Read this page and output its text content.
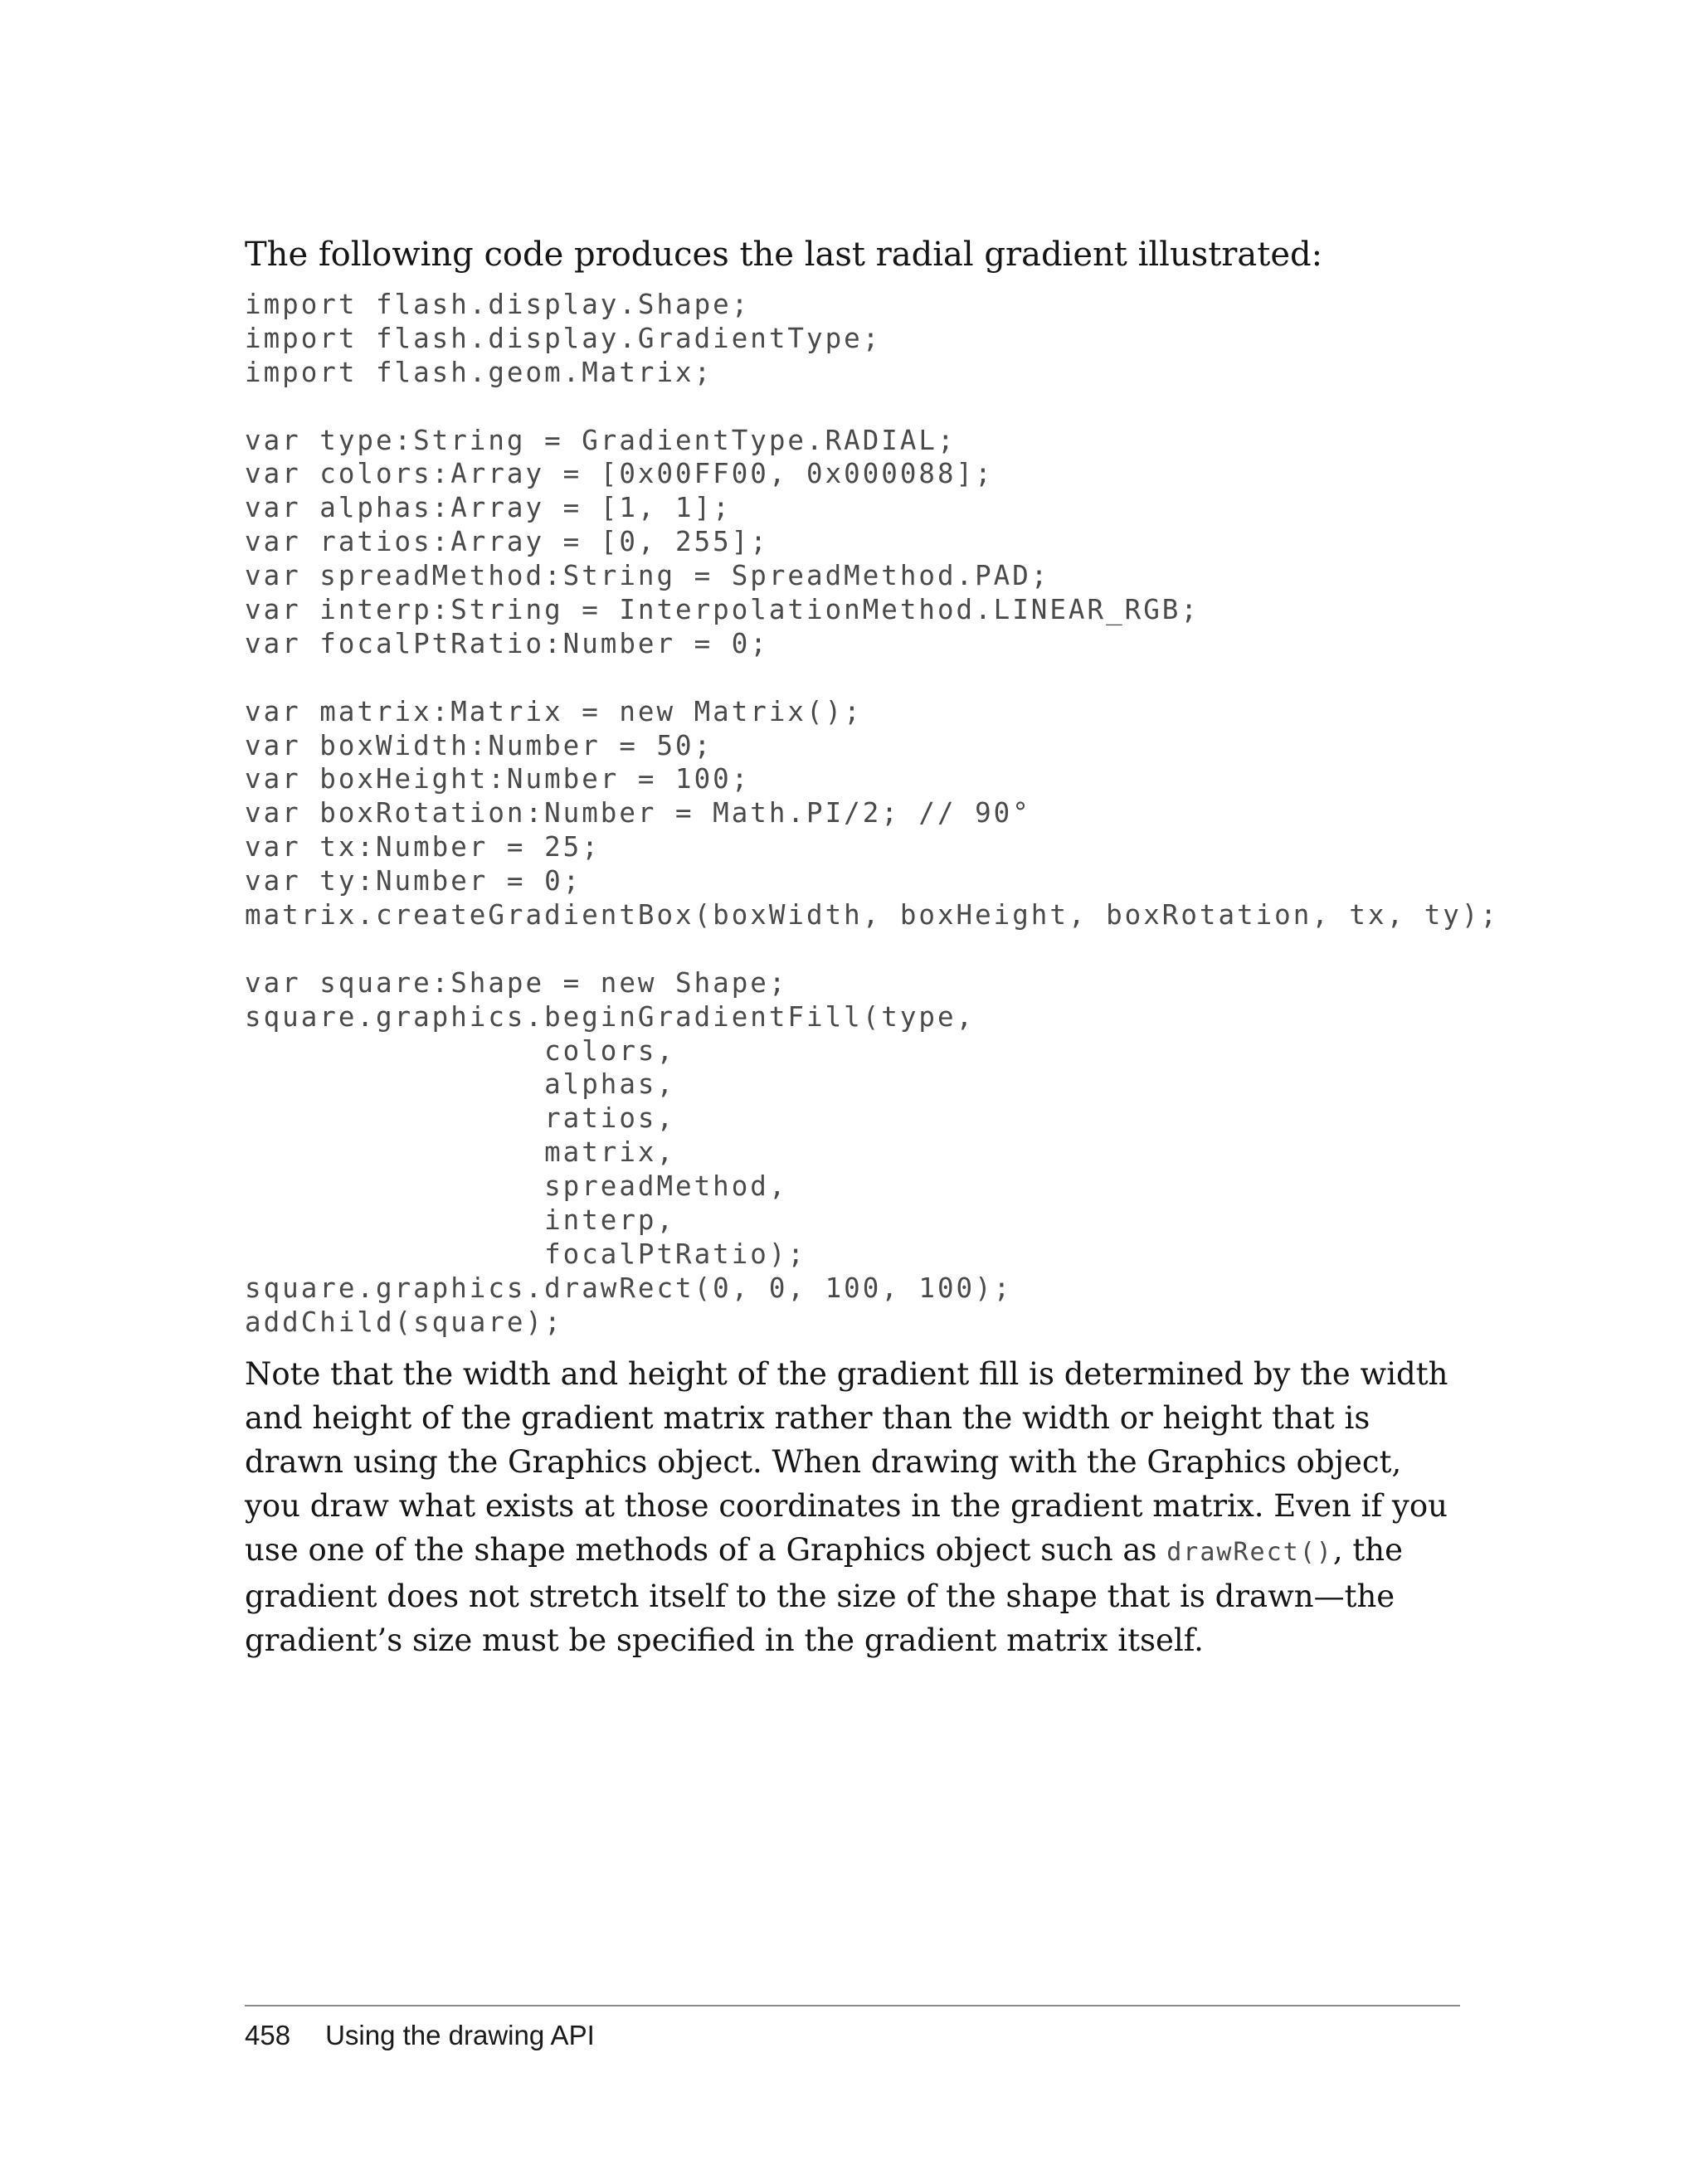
The following code produces the last radial gradient illustrated:

import flash.display.Shape;
import flash.display.GradientType;
import flash.geom.Matrix;
var type:String = GradientType.RADIAL;
var colors:Array = [0x00FF00, 0x000088];
var alphas:Array = [1, 1];
var ratios:Array = [0, 255];
var spreadMethod:String = SpreadMethod.PAD;
var interp:String = InterpolationMethod.LINEAR_RGB;
var focalPtRatio:Number = 0;
var matrix:Matrix = new Matrix();
var boxWidth:Number = 50;
var boxHeight:Number = 100;
var boxRotation:Number = Math.PI/2; // 90°
var tx:Number = 25;
var ty:Number = 0;
matrix.createGradientBox(boxWidth, boxHeight, boxRotation, tx, ty);
var square:Shape = new Shape;
square.graphics.beginGradientFill(type,
colors,
alphas,
ratios,
matrix,
spreadMethod,
interp,
focalPtRatio);
square.graphics.drawRect(0, 0, 100, 100);
addChild(square);

Note that the width and height of the gradient fill is determined by the width and height of the gradient matrix rather than the width or height that is drawn using the Graphics object. When drawing with the Graphics object, you draw what exists at those coordinates in the gradient matrix. Even if you use one of the shape methods of a Graphics object such as drawRect(), the gradient does not stretch itself to the size of the shape that is drawn—the gradient’s size must be specified in the gradient matrix itself.

458 Using the drawing API
